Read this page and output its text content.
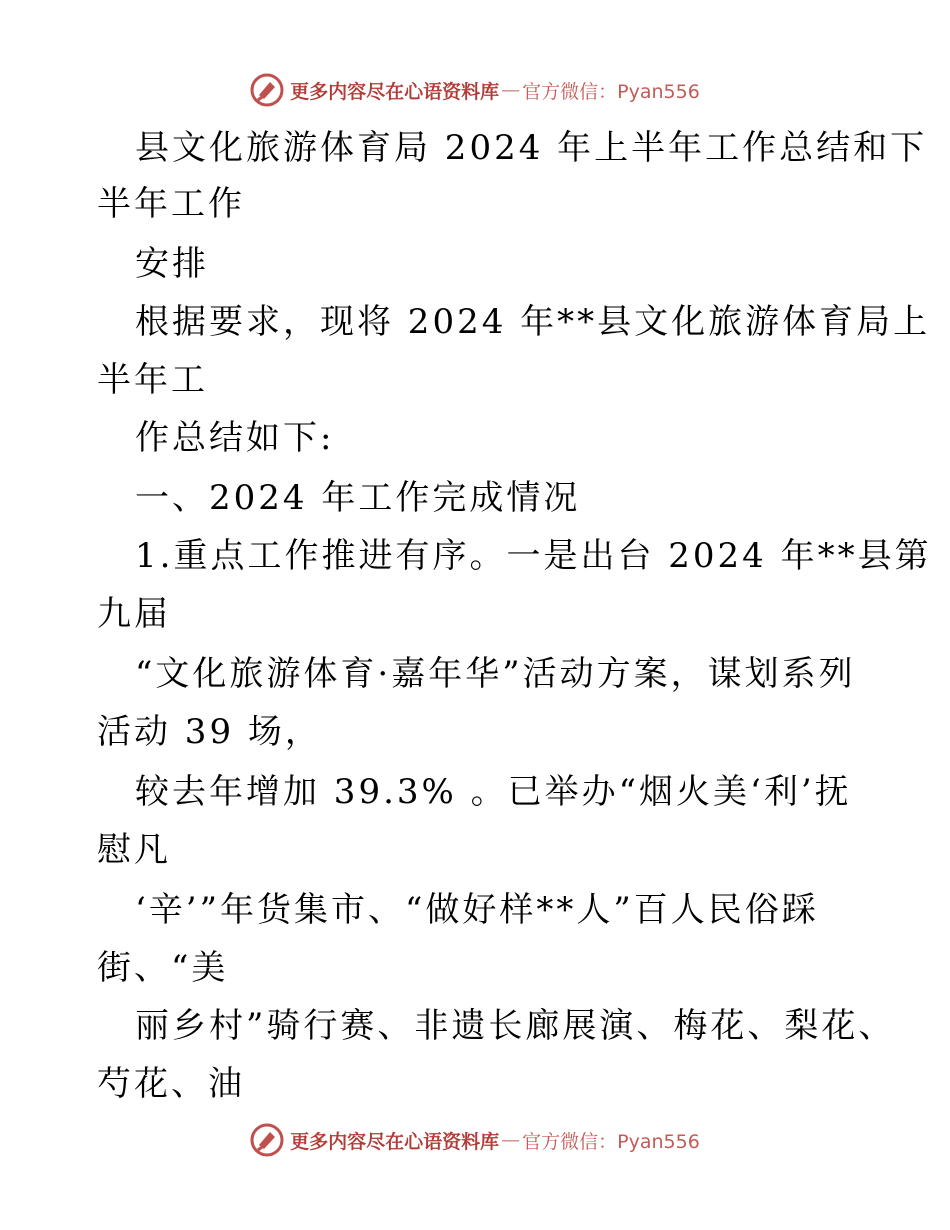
更多内容尽在心语资料库 — 官方微信：Pyan556
县文化旅游体育局 2024 年上半年工作总结和下
半年工作
安排
根据要求，现将 2024 年**县文化旅游体育局上
半年工
作总结如下:
一、2024 年工作完成情况
1.重点工作推进有序。一是出台 2024 年**县第
九届
“文化旅游体育·嘉年华”活动方案，谋划系列
活动 39 场，
较去年增加 39.3% 。已举办“烟火美‘利’抚
慰凡
‘辛’”年货集市、“做好样**人”百人民俗踩
街、“美
丽乡村”骑行赛、非遗长廊展演、梅花、梨花、
芍花、油
更多内容尽在心语资料库 — 官方微信：Pyan556
